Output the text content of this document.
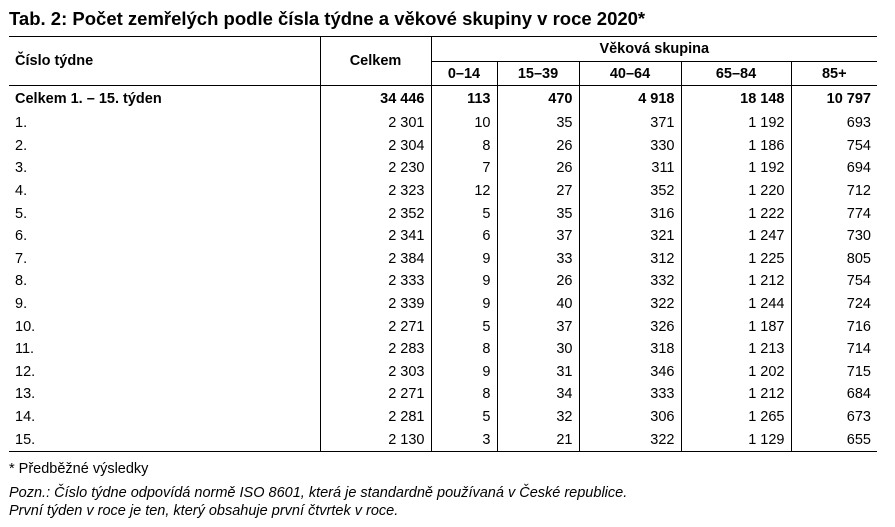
Tab. 2: Počet zemřelých podle čísla týdne a věkové skupiny v roce 2020*
Číslo týdne	Celkem	Věková skupina				
		0–14	15–39	40–64	65–84	85+
Celkem 1. – 15. týden	34 446	113	470	4 918	18 148	10 797
1.	2 301	10	35	371	1 192	693
2.	2 304	8	26	330	1 186	754
3.	2 230	7	26	311	1 192	694
4.	2 323	12	27	352	1 220	712
5.	2 352	5	35	316	1 222	774
6.	2 341	6	37	321	1 247	730
7.	2 384	9	33	312	1 225	805
8.	2 333	9	26	332	1 212	754
9.	2 339	9	40	322	1 244	724
10.	2 271	5	37	326	1 187	716
11.	2 283	8	30	318	1 213	714
12.	2 303	9	31	346	1 202	715
13.	2 271	8	34	333	1 212	684
14.	2 281	5	32	306	1 265	673
15.	2 130	3	21	322	1 129	655
* Předběžné výsledky
Pozn.: Číslo týdne odpovídá normě ISO 8601, která je standardně používaná v České republice.
První týden v roce je ten, který obsahuje první čtvrtek v roce.
